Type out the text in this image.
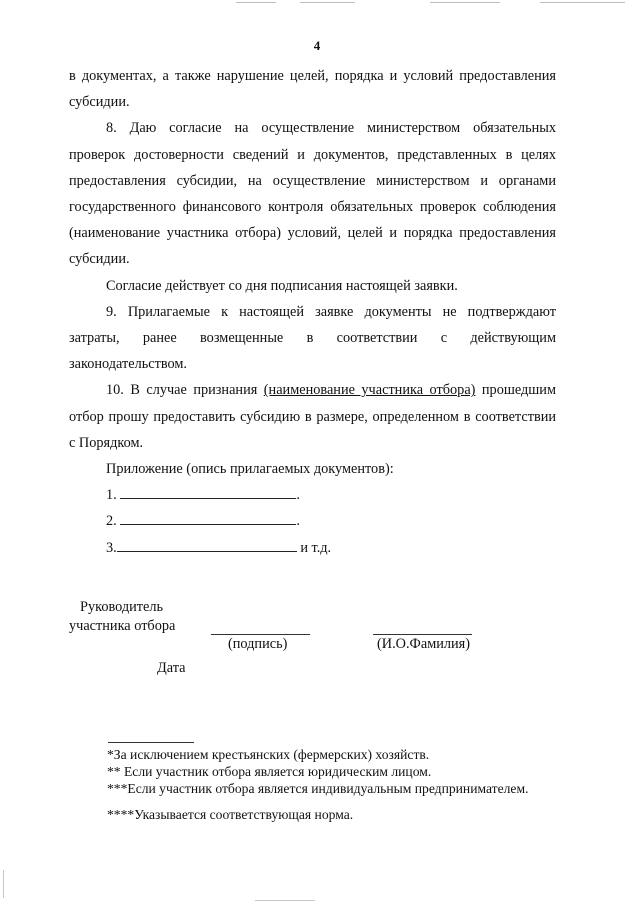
4

в документах, а также нарушение целей, порядка и условий предоставления субсидии.

8. Даю согласие на осуществление министерством обязательных проверок достоверности сведений и документов, представленных в целях предоставления субсидии, на осуществление министерством и органами государственного финансового контроля обязательных проверок соблюдения (наименование участника отбора) условий, целей и порядка предоставления субсидии.

Согласие действует со дня подписания настоящей заявки.

9. Прилагаемые к настоящей заявке документы не подтверждают затраты, ранее возмещенные в соответствии с действующим законодательством.

10. В случае признания (наименование участника отбора) прошедшим отбор прошу предоставить субсидию в размере, определенном в соответствии с Порядком.

Приложение (опись прилагаемых документов):

1.	.

2.	.

3.	и т.д.

Руководитель
участника отбора
(подпись)	(И.О.Фамилия)
Дата

*За исключением крестьянских (фермерских) хозяйств.

** Если участник отбора является юридическим лицом.

***Если участник отбора является индивидуальным предпринимателем.

****Указывается соответствующая норма.
